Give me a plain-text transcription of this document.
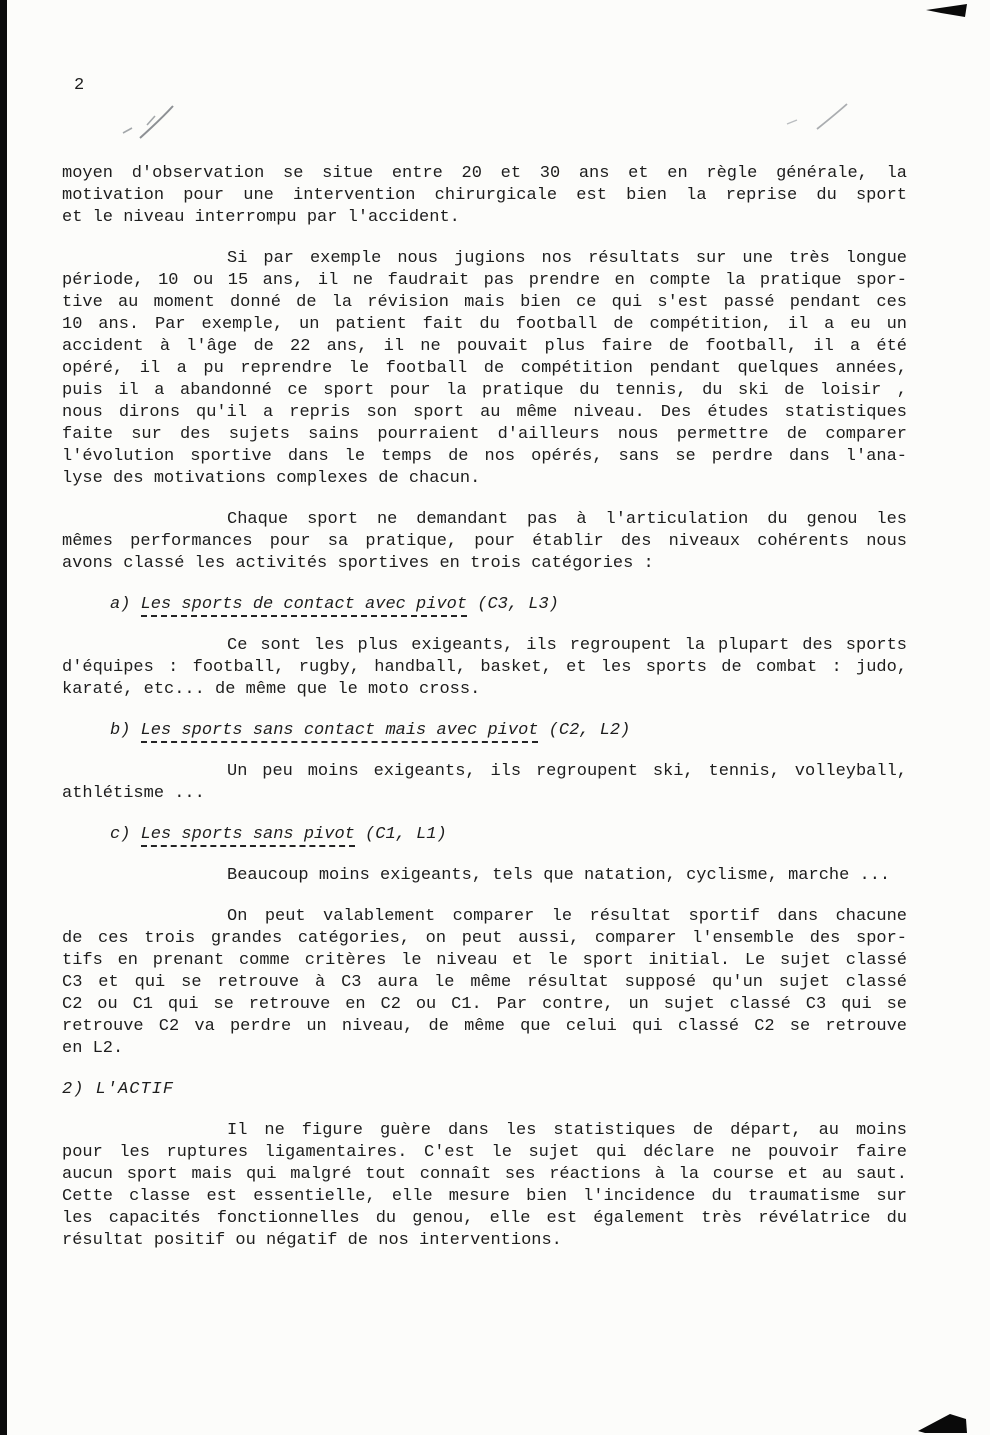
2
moyen d'observation se situe entre 20 et 30 ans et en règle générale, la
motivation pour une intervention chirurgicale est bien la reprise du sport
et le niveau interrompu par l'accident.
Si par exemple nous jugions nos résultats sur une très longue
période, 10 ou 15 ans, il ne faudrait pas prendre en compte la pratique spor-
tive au moment donné de la révision mais bien ce qui s'est passé pendant ces
10 ans. Par exemple, un patient fait du football de compétition, il a eu un
accident à l'âge de 22 ans, il ne pouvait plus faire de football, il a été
opéré, il a pu reprendre le football de compétition pendant quelques années,
puis il a abandonné ce sport pour la pratique du tennis, du ski de loisir ,
nous dirons qu'il a repris son sport au même niveau. Des études statistiques
faite sur des sujets sains pourraient d'ailleurs nous permettre de comparer
l'évolution sportive dans le temps de nos opérés, sans se perdre dans l'ana-
lyse des motivations complexes de chacun.
Chaque sport ne demandant pas à l'articulation du genou les
mêmes performances pour sa pratique, pour établir des niveaux cohérents nous
avons classé les activités sportives en trois catégories :
a) Les sports de contact avec pivot (C3, L3)
Ce sont les plus exigeants, ils regroupent la plupart des sports
d'équipes : football, rugby, handball, basket, et les sports de combat : judo,
karaté, etc... de même que le moto cross.
b) Les sports sans contact mais avec pivot (C2, L2)
Un peu moins exigeants, ils regroupent ski, tennis, volleyball,
athlétisme ...
c) Les sports sans pivot (C1, L1)
Beaucoup moins exigeants, tels que natation, cyclisme, marche ...
On peut valablement comparer le résultat sportif dans chacune
de ces trois grandes catégories, on peut aussi, comparer l'ensemble des spor-
tifs en prenant comme critères le niveau et le sport initial. Le sujet classé
C3 et qui se retrouve à C3 aura le même résultat supposé qu'un sujet classé
C2 ou C1 qui se retrouve en C2 ou C1. Par contre, un sujet classé C3 qui se
retrouve C2 va perdre un niveau, de même que celui qui classé C2 se retrouve
en L2.
2) L'ACTIF
Il ne figure guère dans les statistiques de départ, au moins
pour les ruptures ligamentaires. C'est le sujet qui déclare ne pouvoir faire
aucun sport mais qui malgré tout connaît ses réactions à la course et au saut.
Cette classe est essentielle, elle mesure bien l'incidence du traumatisme sur
les capacités fonctionnelles du genou, elle est également très révélatrice du
résultat positif ou négatif de nos interventions.
